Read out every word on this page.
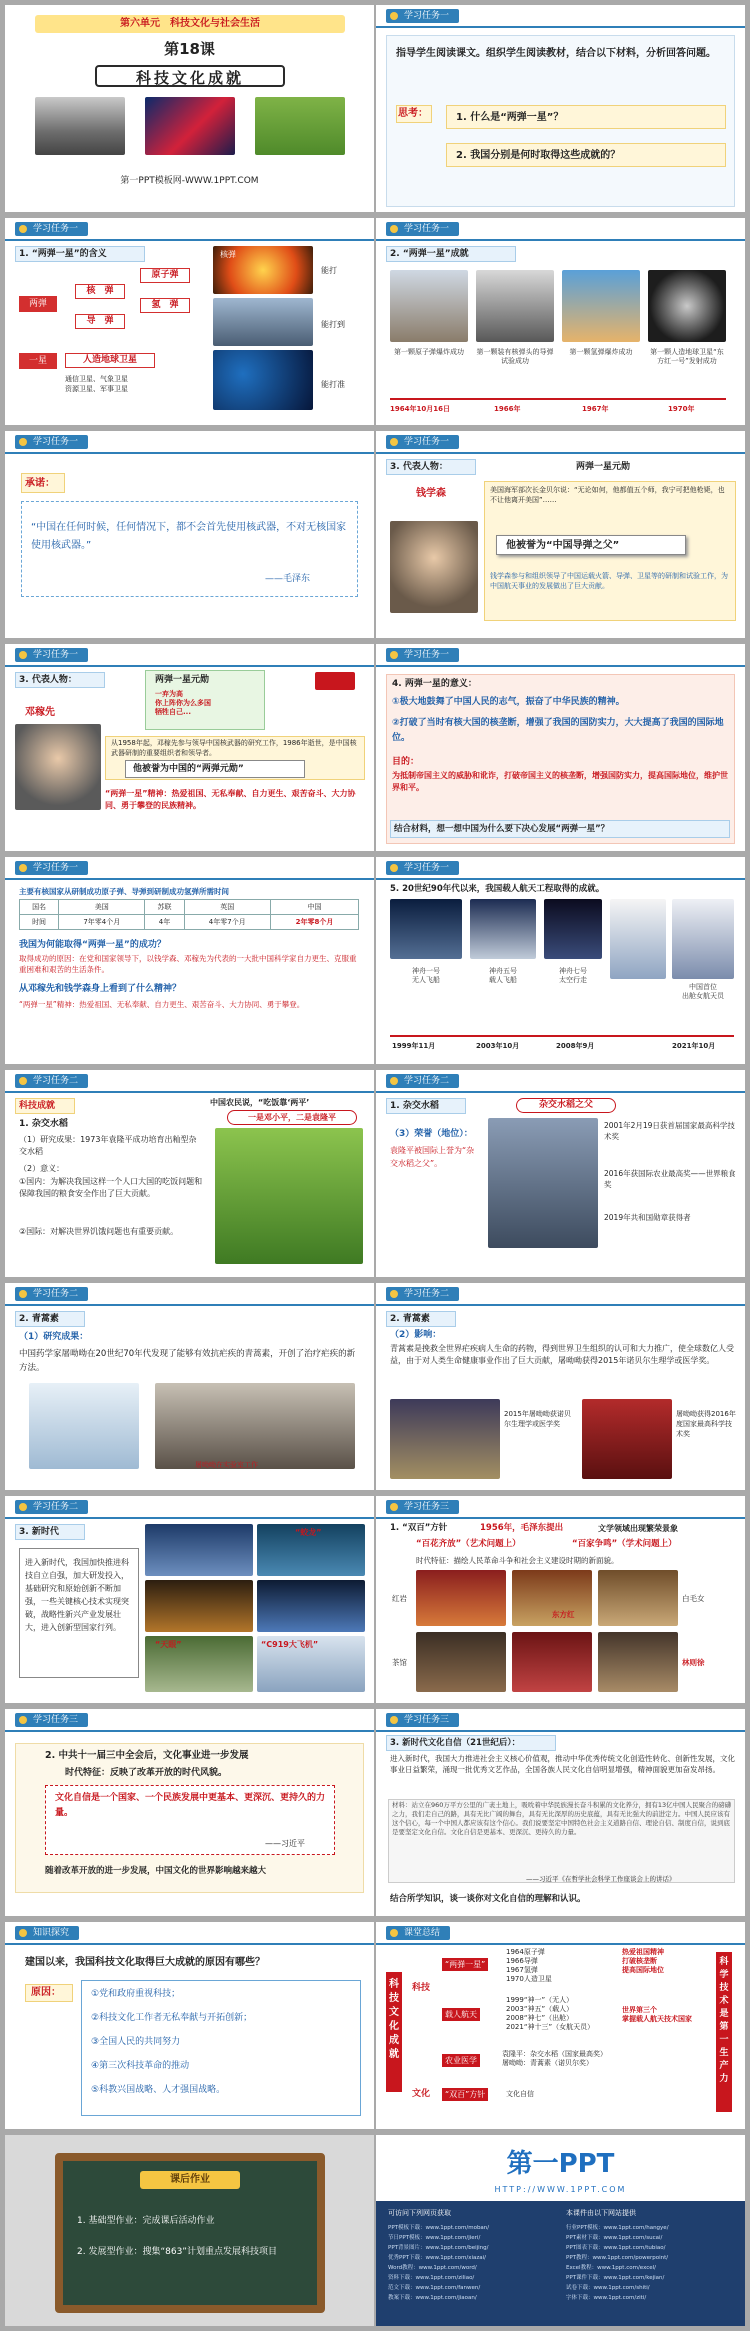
第六单元　科技文化与社会生活
第18课
科技文化成就
第一PPT模板网-WWW.1PPT.COM
学习任务一
指导学生阅读课文。组织学生阅读教材，结合以下材料，分析回答问题。
思考：	1. 什么是“两弹一星”？
2. 我国分别是何时取得这些成就的？
学习任务一
1. “两弹一星”的含义
两弹
核　弹
导　弹
原子弹
氢　弹
一星	人造地球卫星
通信卫星、气象卫星
资源卫星、军事卫星
核弹
能打
能打到
能打准
学习任务一
2. “两弹一星”成就
第一颗原子弹爆炸成功	第一颗装有核弹头的导弹试验成功
第一颗氢弹爆炸成功	第一颗人造地球卫星“东方红一号”发射成功
1964年10月16日	1966年	1967年	1970年
学习任务一
承诺：
“中国在任何时候，任何情况下，都不会首先使用核武器，不对无核国家使用核武器。”
——毛泽东
学习任务一
3. 代表人物：	两弹一星元勋
钱学森	美国海军部次长金贝尔说：“无论如何，他都值五个师，我宁可把他枪毙，也不让他离开美国”……
他被誉为“中国导弹之父”
钱学森参与和组织领导了中国运载火箭、导弹、卫星等的研制和试验工作，为中国航天事业的发展做出了巨大贡献。
学习任务一
3. 代表人物：	两弹一星元勋
一弃为高
你上阵你为么多国
牺牲自己...
邓稼先
从1958年起，邓稼先参与领导中国核武器的研究工作，1986年逝世，是中国核武器研制的重要组织者和领导者。
他被誉为中国的“两弹元勋”
“两弹一星”精神：热爱祖国、无私奉献、自力更生、艰苦奋斗、大力协同、勇于攀登的民族精神。
学习任务一
4. 两弹一星的意义：
①极大地鼓舞了中国人民的志气，振奋了中华民族的精神。
②打破了当时有核大国的核垄断，增强了我国的国防实力，大大提高了我国的国际地位。
目的：
为抵制帝国主义的威胁和讹诈，打破帝国主义的核垄断，增强国防实力，提高国际地位，维护世界和平。
结合材料，想一想中国为什么要下决心发展“两弹一星”？
学习任务一
主要有核国家从研制成功原子弹、导弹到研制成功氢弹所需时间
国名	美国	苏联	英国	中国
时间	7年零4个月	4年	4年零7个月	2年零8个月
我国为何能取得“两弹一星”的成功？
取得成功的原因：在党和国家领导下，以钱学森、邓稼先为代表的一大批中国科学家自力更生、克服重重困难和艰苦的生活条件。
从邓稼先和钱学森身上看到了什么精神？
“两弹一星”精神：热爱祖国、无私奉献、自力更生、艰苦奋斗、大力协同、勇于攀登。
学习任务一
5. 20世纪90年代以来，我国载人航天工程取得的成就。
神舟一号
无人飞船
神舟五号
载人飞船
神舟七号
太空行走
中国首位
出舱女航天员
1999年11月	2003年10月	2008年9月	2021年10月
学习任务二
科技成就
1. 杂交水稻
（1）研究成果：1973年袁隆平成功培育出籼型杂交水稻
（2）意义：
①国内：为解决我国这样一个人口大国的吃饭问题和保障我国的粮食安全作出了巨大贡献。
②国际：对解决世界饥饿问题也有重要贡献。
中国农民说，“吃饭靠‘两平’
一是邓小平，二是袁隆平
学习任务二
1. 杂交水稻	杂交水稻之父
（3）荣誉（地位）：
袁隆平被国际上誉为“杂交水稻之父”。
2001年2月19日获首届国家最高科学技术奖
2016年获国际农业最高奖——世界粮食奖
2019年共和国勋章获得者
学习任务二
2. 青蒿素
（1）研究成果：
中国药学家屠呦呦在20世纪70年代发现了能够有效抗疟疾的青蒿素，开创了治疗疟疾的新方法。
屠呦呦在实验室工作
学习任务二
2. 青蒿素
（2）影响：
青蒿素是挽救全世界疟疾病人生命的药物，得到世界卫生组织的认可和大力推广，使全球数亿人受益，由于对人类生命健康事业作出了巨大贡献，屠呦呦获得2015年诺贝尔生理学或医学奖。
2015年屠呦呦获诺贝尔生理学或医学奖
屠呦呦获得2016年度国家最高科学技术奖
学习任务二
3. 新时代
进入新时代，我国加快推进科技自立自强，加大研发投入，基础研究和原始创新不断加强，一些关键核心技术实现突破，战略性新兴产业发展壮大，进入创新型国家行列。
“蛟龙”
“天眼”	“C919大飞机”
学习任务三
1. “双百”方针	1956年，毛泽东提出	文学领域出现繁荣景象
“百花齐放”（艺术问题上）	“百家争鸣”（学术问题上）
时代特征：描绘人民革命斗争和社会主义建设时期的新面貌。
红岩
茶馆
东方红
林则徐
白毛女
学习任务三
2. 中共十一届三中全会后，文化事业进一步发展
时代特征：反映了改革开放的时代风貌。
文化自信是一个国家、一个民族发展中更基本、更深沉、更持久的力量。
——习近平
随着改革开放的进一步发展，中国文化的世界影响越来越大
学习任务三
3. 新时代文化自信（21世纪后）：
进入新时代，我国大力推进社会主义核心价值观，推动中华优秀传统文化创造性转化、创新性发展，文化事业日益繁荣，涌现一批优秀文艺作品，全国各族人民文化自信明显增强，精神面貌更加奋发昂扬。
材料：站立在960万平方公里的广袤土地上，吸吮着中华民族漫长奋斗积累的文化养分，拥有13亿中国人民聚合的磅礴之力，我们走自己的路，具有无比广阔的舞台，具有无比深厚的历史底蕴，具有无比强大的前进定力。中国人民应该有这个信心，每一个中国人都应该有这个信心。我们说要坚定中国特色社会主义道路自信、理论自信、制度自信，说到底是要坚定文化自信。文化自信是更基本、更深沉、更持久的力量。
——习近平《在哲学社会科学工作座谈会上的讲话》
结合所学知识，谈一谈你对文化自信的理解和认识。
知识探究
建国以来，我国科技文化取得巨大成就的原因有哪些？
原因：	①党和政府重视科技；
②科技文化工作者无私奉献与开拓创新；
③全国人民的共同努力
④第三次科技革命的推动
⑤科教兴国战略、人才强国战略。
课堂总结
科技文化成就
科技
文化
“两弹一星”
载人航天
农业医学
“双百”方针
1964原子弹
1966导弹
1967氢弹
1970人造卫星
1999“神一”（无人）
2003“神五”（载人）
2008“神七”（出舱）
2021“神十三”（女航天员）
袁隆平：杂交水稻（国家最高奖）
屠呦呦：青蒿素（诺贝尔奖）
文化自信
热爱祖国精神
打破核垄断
提高国际地位
世界第三个
掌握载人航天技术国家
科学技术是第一生产力
课后作业
1. 基础型作业：完成课后活动作业
2. 发展型作业：搜集“863”计划重点发展科技项目
第一PPT
HTTP://WWW.1PPT.COM
可访问下列网页获取	本课件由以下网站提供
PPT模板下载：www.1ppt.com/moban/
节日PPT模板：www.1ppt.com/jieri/
PPT背景图片：www.1ppt.com/beijing/
优秀PPT下载：www.1ppt.com/xiazai/
Word教程：www.1ppt.com/word/
资料下载：www.1ppt.com/ziliao/
范文下载：www.1ppt.com/fanwen/
教案下载：www.1ppt.com/jiaoan/
行业PPT模板：www.1ppt.com/hangye/
PPT素材下载：www.1ppt.com/sucai/
PPT图表下载：www.1ppt.com/tubiao/
PPT教程：www.1ppt.com/powerpoint/
Excel教程：www.1ppt.com/excel/
PPT课件下载：www.1ppt.com/kejian/
试卷下载：www.1ppt.com/shiti/
字体下载：www.1ppt.com/ziti/
